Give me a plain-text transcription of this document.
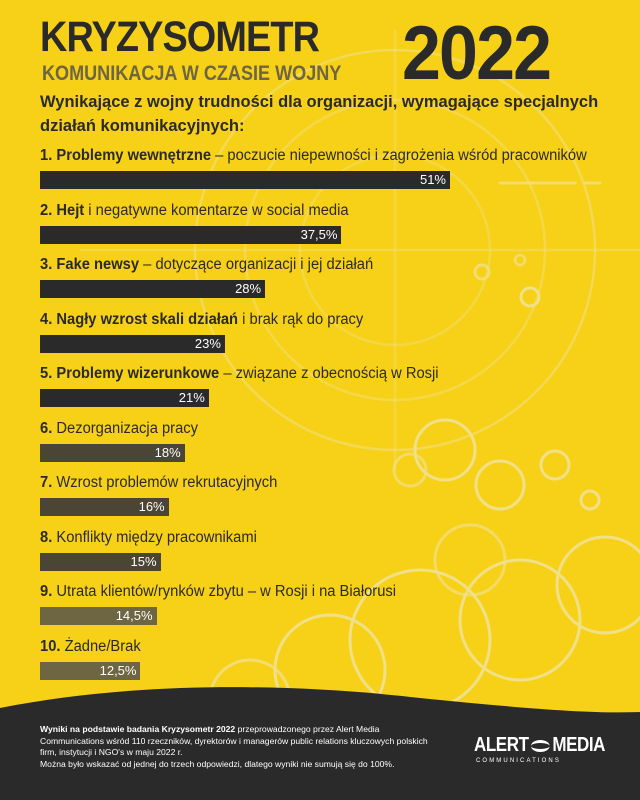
KRYZYSOMETR
KOMUNIKACJA W CZASIE WOJNY 2022
Wynikające z wojny trudności dla organizacji, wymagające specjalnych działań komunikacyjnych:
1. Problemy wewnętrzne – poczucie niepewności i zagrożenia wśród pracowników
51%
2. Hejt i negatywne komentarze w social media
37,5%
3. Fake newsy – dotyczące organizacji i jej działań
28%
4. Nagły wzrost skali działań i brak rąk do pracy
23%
5. Problemy wizerunkowe – związane z obecnością w Rosji
21%
6. Dezorganizacja pracy
18%
7. Wzrost problemów rekrutacyjnych
16%
8. Konflikty między pracownikami
15%
9. Utrata klientów/rynków zbytu – w Rosji i na Białorusi
14,5%
10. Żadne/Brak
12,5%

Wyniki na podstawie badania Kryzysometr 2022 przeprowadzonego przez Alert Media Communications wśród 110 rzeczników, dyrektorów i managerów public relations kluczowych polskich firm, instytucji i NGO's w maju 2022 r.

Można było wskazać od jednej do trzech odpowiedzi, dlatego wyniki nie sumują się do 100%.

ALERT MEDIA
COMMUNICATIONS
